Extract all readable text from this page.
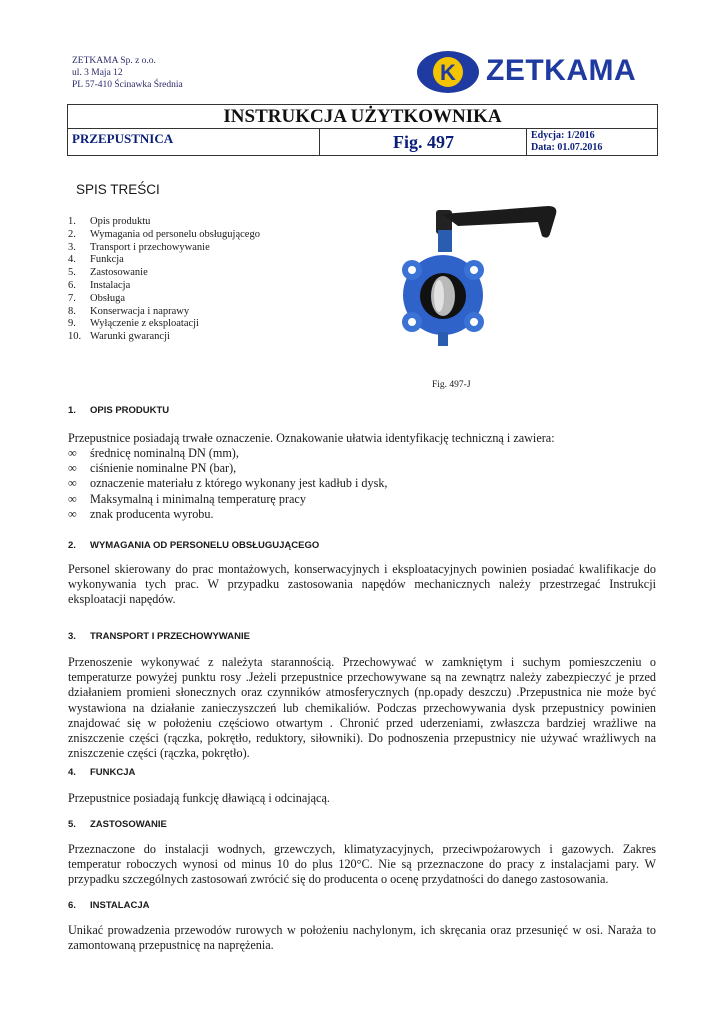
ZETKAMA Sp. z o.o.
ul. 3 Maja 12
PL 57-410 Ścinawka Średnia	K ZETKAMA
INSTRUKCJA UŻYTKOWNIKA
PRZEPUSTNICA	Fig. 497	Edycja: 1/2016
Data: 01.07.2016
SPIS TREŚCI
1.	Opis produktu
2.	Wymagania od personelu obsługującego
3.	Transport i przechowywanie
4.	Funkcja
5.	Zastosowanie
6.	Instalacja
7.	Obsługa
8.	Konserwacja i naprawy
9.	Wyłączenie z eksploatacji
10. Warunki gwarancji
Fig. 497-J
1. OPIS PRODUKTU

Przepustnice posiadają trwałe oznaczenie. Oznakowanie ułatwia identyfikację techniczną i zawiera:

∞	średnicę nominalną DN (mm),
∞	ciśnienie nominalne PN (bar),
∞	oznaczenie materiału z którego wykonany jest kadłub i dysk,
∞	Maksymalną i minimalną temperaturę pracy
∞	znak producenta wyrobu.
2. WYMAGANIA OD PERSONELU OBSŁUGUJĄCEGO

Personel skierowany do prac montażowych, konserwacyjnych i eksploatacyjnych powinien posiadać kwalifikacje do wykonywania tych prac. W przypadku zastosowania napędów mechanicznych należy przestrzegać Instrukcji eksploatacji napędów.

3. TRANSPORT I PRZECHOWYWANIE

Przenoszenie wykonywać z należyta starannością. Przechowywać w zamkniętym i suchym pomieszczeniu o temperaturze powyżej punktu rosy .Jeżeli przepustnice przechowywane są na zewnątrz należy zabezpieczyć je przed działaniem promieni słonecznych oraz czynników atmosferycznych (np.opady deszczu) .Przepustnica nie może być wystawiona na działanie zanieczyszczeń lub chemikaliów. Podczas przechowywania dysk przepustnicy powinien znajdować się w położeniu częściowo otwartym . Chronić przed uderzeniami, zwłaszcza bardziej wrażliwe na zniszczenie części (rączka, pokrętło, reduktory, siłowniki). Do podnoszenia przepustnicy nie używać wrażliwych na zniszczenie części (rączka, pokrętło).

4. FUNKCJA

Przepustnice posiadają funkcję dławiącą i odcinającą.

5. ZASTOSOWANIE

Przeznaczone do instalacji wodnych, grzewczych, klimatyzacyjnych, przeciwpożarowych i gazowych. Zakres temperatur roboczych wynosi od minus 10 do plus 120°C. Nie są przeznaczone do pracy z instalacjami pary. W przypadku szczególnych zastosowań zwrócić się do producenta o ocenę przydatności do danego zastosowania.

6. INSTALACJA

Unikać prowadzenia przewodów rurowych w położeniu nachylonym, ich skręcania oraz przesunięć w osi. Naraża to zamontowaną przepustnicę na naprężenia.
